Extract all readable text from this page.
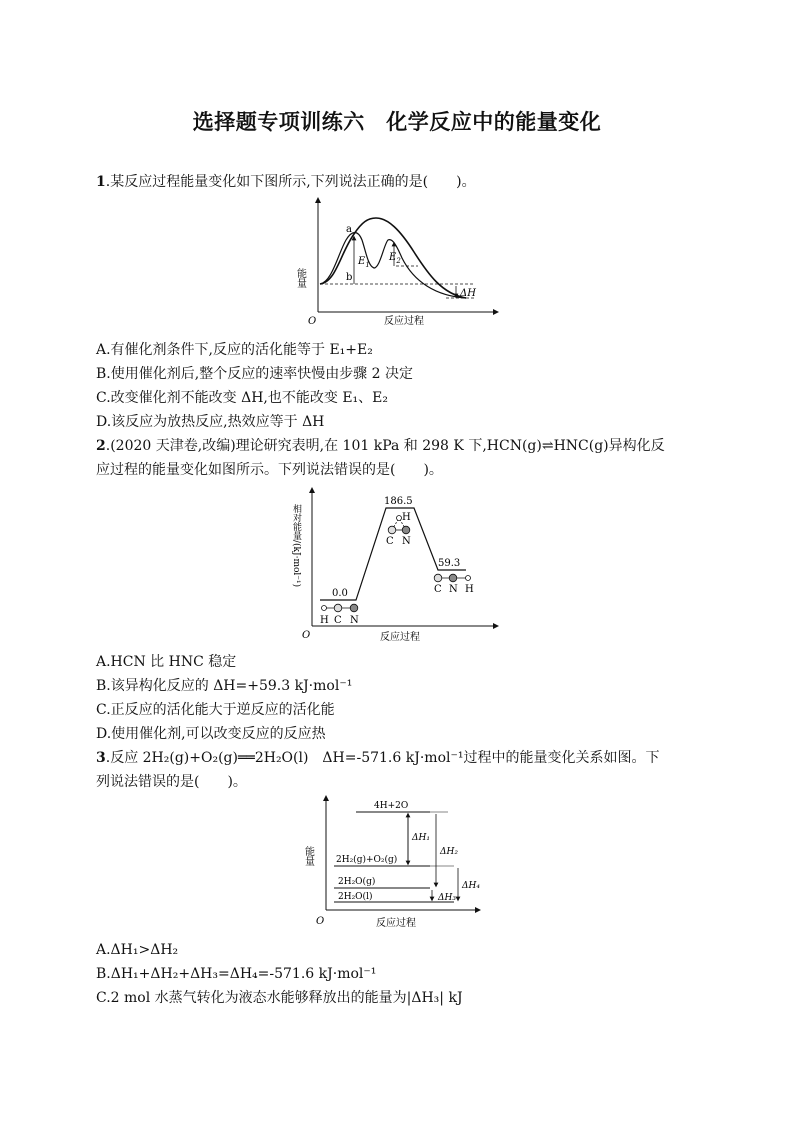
选择题专项训练六　化学反应中的能量变化
1.某反应过程能量变化如下图所示,下列说法正确的是(　　)。
a
b
$E_1$
$E_2$
ΔH
能量
O	反应过程
A.有催化剂条件下,反应的活化能等于 E₁+E₂
B.使用催化剂后,整个反应的速率快慢由步骤 2 决定
C.改变催化剂不能改变 ΔH,也不能改变 E₁、E₂
D.该反应为放热反应,热效应等于 ΔH
2.(2020 天津卷,改编)理论研究表明,在 101 kPa 和 298 K 下,HCN(g)⇌HNC(g)异构化反
应过程的能量变化如图所示。下列说法错误的是(　　)。
0.0
186.5
59.3
H C N
H
C N
C N H
相对能量/(kJ·mol⁻¹)
O	反应过程
A.HCN 比 HNC 稳定
B.该异构化反应的 ΔH=+59.3 kJ·mol⁻¹
C.正反应的活化能大于逆反应的活化能
D.使用催化剂,可以改变反应的反应热
3.反应 2H₂(g)+O₂(g)══2H₂O(l)　ΔH=-571.6 kJ·mol⁻¹过程中的能量变化关系如图。下
列说法错误的是(　　)。
4H+2O
2H₂(g)+O₂(g)
2H₂O(g)
2H₂O(l)
ΔH₁
ΔH₂
ΔH₃
ΔH₄
能量
O	反应过程
A.ΔH₁>ΔH₂
B.ΔH₁+ΔH₂+ΔH₃=ΔH₄=-571.6 kJ·mol⁻¹
C.2 mol 水蒸气转化为液态水能够释放出的能量为|ΔH₃| kJ
